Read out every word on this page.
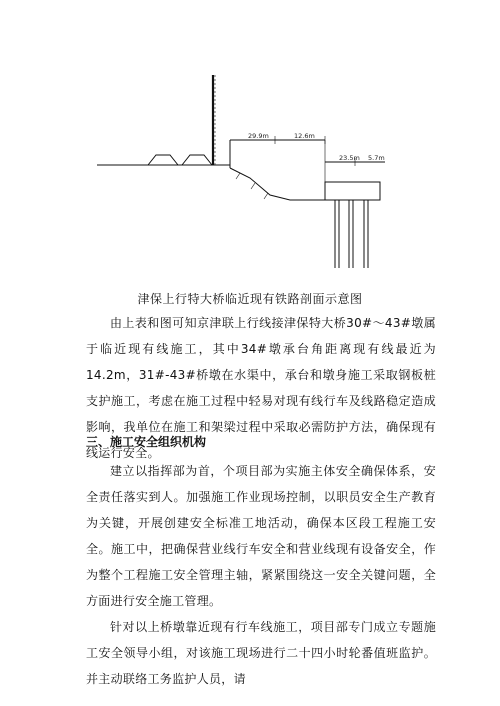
29.9m	12.6m
23.5m 5.7m
津保上行特大桥临近现有铁路剖面示意图

由上表和图可知京津联上行线接津保特大桥30#～43#墩属于临近现有线施工，其中34#墩承台角距离现有线最近为14.2m，31#-43#桥墩在水渠中，承台和墩身施工采取钢板桩支护施工，考虑在施工过程中轻易对现有线行车及线路稳定造成影响，我单位在施工和架梁过程中采取必需防护方法，确保现有线运行安全。

三、施工安全组织机构

建立以指挥部为首，个项目部为实施主体安全确保体系，安全责任落实到人。加强施工作业现场控制，以职员安全生产教育为关键，开展创建安全标准工地活动，确保本区段工程施工安全。施工中，把确保营业线行车安全和营业线现有设备安全，作为整个工程施工安全管理主轴，紧紧围绕这一安全关键问题，全方面进行安全施工管理。

针对以上桥墩靠近现有行车线施工，项目部专门成立专题施工安全领导小组，对该施工现场进行二十四小时轮番值班监护。并主动联络工务监护人员，请
